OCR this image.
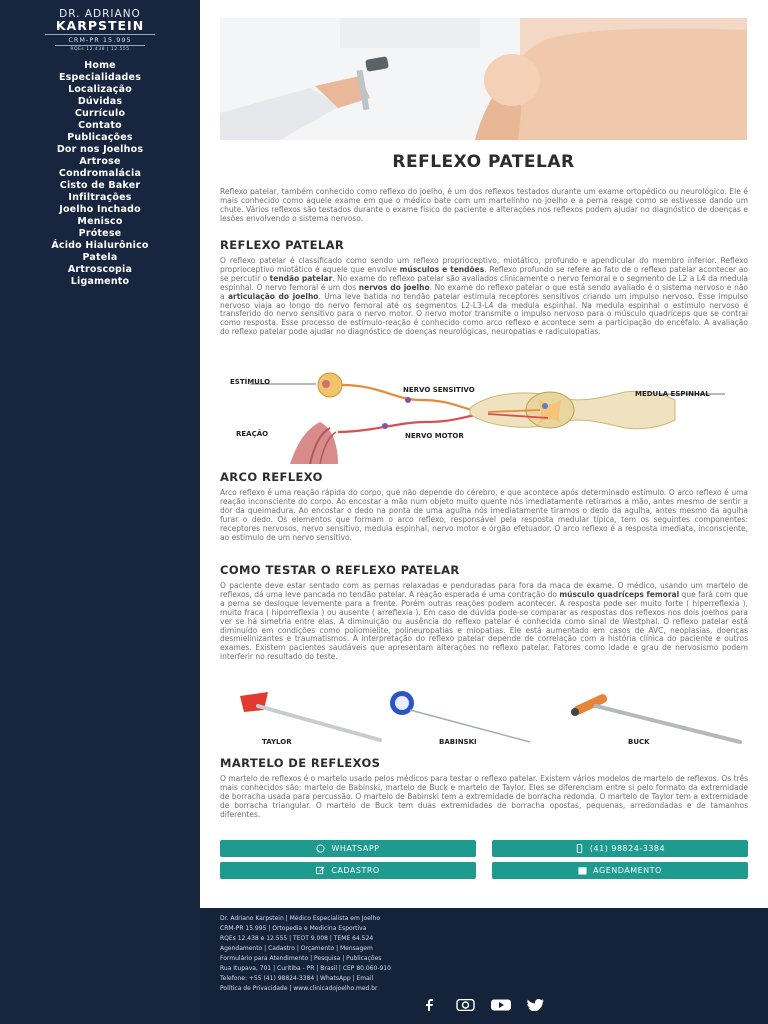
DR. ADRIANO
KARPSTEIN
CRM-PR 15.995
RQEs 12.438 | 12.555
Home
Especialidades
Localização
Dúvidas
Currículo
Contato
Publicações
Dor nos Joelhos
Artrose
Condromalácia
Cisto de Baker
Infiltrações
Joelho Inchado
Menisco
Prótese
Ácido Hialurônico
Patela
Artroscopia
Ligamento
REFLEXO PATELAR

Reflexo patelar, também conhecido como reflexo do joelho, é um dos reflexos testados durante um exame ortopédico ou neurológico. Ele é mais conhecido como aquele exame em que o médico bate com um martelinho no joelho e a perna reage como se estivesse dando um chute. Vários reflexos são testados durante o exame físico do paciente e alterações nos reflexos podem ajudar no diagnóstico de doenças e lesões envolvendo o sistema nervoso.

REFLEXO PATELAR

O reflexo patelar é classificado como sendo um reflexo proprioceptivo, miotático, profundo e apendicular do membro inferior. Reflexo proprioceptivo miotático é aquele que envolve músculos e tendões. Reflexo profundo se refere ao fato de o reflexo patelar acontecer ao se percutir o tendão patelar. No exame do reflexo patelar são avaliados clinicamente o nervo femoral e o segmento de L2 a L4 da medula espinhal. O nervo femoral é um dos nervos do joelho. No exame do reflexo patelar o que está sendo avaliado é o sistema nervoso e não a articulação do joelho. Uma leve batida no tendão patelar estimula receptores sensitivos criando um impulso nervoso. Esse impulso nervoso viaja ao longo do nervo femoral até os segmentos L2-L3-L4 da medula espinhal. Na medula espinhal o estímulo nervoso é transferido do nervo sensitivo para o nervo motor. O nervo motor transmite o impulso nervoso para o músculo quadríceps que se contrai como resposta. Esse processo de estímulo-reação é conhecido como arco reflexo e acontece sem a participação do encéfalo. A avaliação do reflexo patelar pode ajudar no diagnóstico de doenças neurológicas, neuropatias e radiculopatias.

ESTÍMULO
NERVO SENSITIVO	MEDULA ESPINHAL
REAÇÃO	NERVO MOTOR
ARCO REFLEXO

Arco reflexo é uma reação rápida do corpo, que não depende do cérebro, e que acontece após determinado estímulo. O arco reflexo é uma reação inconsciente do corpo. Ao encostar a mão num objeto muito quente nós imediatamente retiramos a mão, antes mesmo de sentir a dor da queimadura. Ao encostar o dedo na ponta de uma agulha nós imediatamente tiramos o dedo da agulha, antes mesmo da agulha furar o dedo. Os elementos que formam o arco reflexo, responsável pela resposta medular típica, tem os seguintes componentes: receptores nervosos, nervo sensitivo, medula espinhal, nervo motor e órgão efetuador. O arco reflexo é a resposta imediata, inconsciente, ao estímulo de um nervo sensitivo.

COMO TESTAR O REFLEXO PATELAR

O paciente deve estar sentado com as pernas relaxadas e penduradas para fora da maca de exame. O médico, usando um martelo de reflexos, dá uma leve pancada no tendão patelar. A reação esperada é uma contração do músculo quadríceps femoral que fará com que a perna se desloque levemente para a frente. Porém outras reações podem acontecer. A resposta pode ser muito forte ( hiperreflexia ), muito fraca ( hiporreflexia ) ou ausente ( arreflexia ). Em caso de dúvida pode-se comparar as respostas dos reflexos nos dois joelhos para ver se há simetria entre elas. A diminuição ou ausência do reflexo patelar é conhecida como sinal de Westphal. O reflexo patelar está diminuído em condições como poliomielite, polineuropatias e miopatias. Ele está aumentado em casos de AVC, neoplasias, doenças desmielinizantes e traumatismos. A interpretação do reflexo patelar depende de correlação com a história clínica do paciente e outros exames. Existem pacientes saudáveis que apresentam alterações no reflexo patelar. Fatores como idade e grau de nervosismo podem interferir no resultado do teste.

TAYLOR	BABINSKI	BUCK
MARTELO DE REFLEXOS

O martelo de reflexos é o martelo usado pelos médicos para testar o reflexo patelar. Existem vários modelos de martelo de reflexos. Os três mais conhecidos são: martelo de Babinski, martelo de Buck e martelo de Taylor. Eles se diferenciam entre si pelo formato da extremidade de borracha usada para percussão. O martelo de Babinski tem a extremidade de borracha redonda. O martelo de Taylor tem a extremidade de borracha triangular. O martelo de Buck tem duas extremidades de borracha opostas, pequenas, arredondadas e de tamanhos diferentes.

WHATSAPP	(41) 98824-3384
CADASTRO	AGENDAMENTO
Dr. Adriano Karpstein | Médico Especialista em Joelho
CRM-PR 15.995 | Ortopedia e Medicina Esportiva
RQEs 12.438 e 12.555 | TEOT 9.008 | TEME 64.524
Agendamento | Cadastro | Orçamento | Mensagem
Formulário para Atendimento | Pesquisa | Publicações
Rua Itupava, 701 | Curitiba - PR | Brasil | CEP 80.060-910
Telefone: +55 (41) 98824-3384 | WhatsApp | Email
Política de Privacidade | www.clinicadojoelho.med.br
